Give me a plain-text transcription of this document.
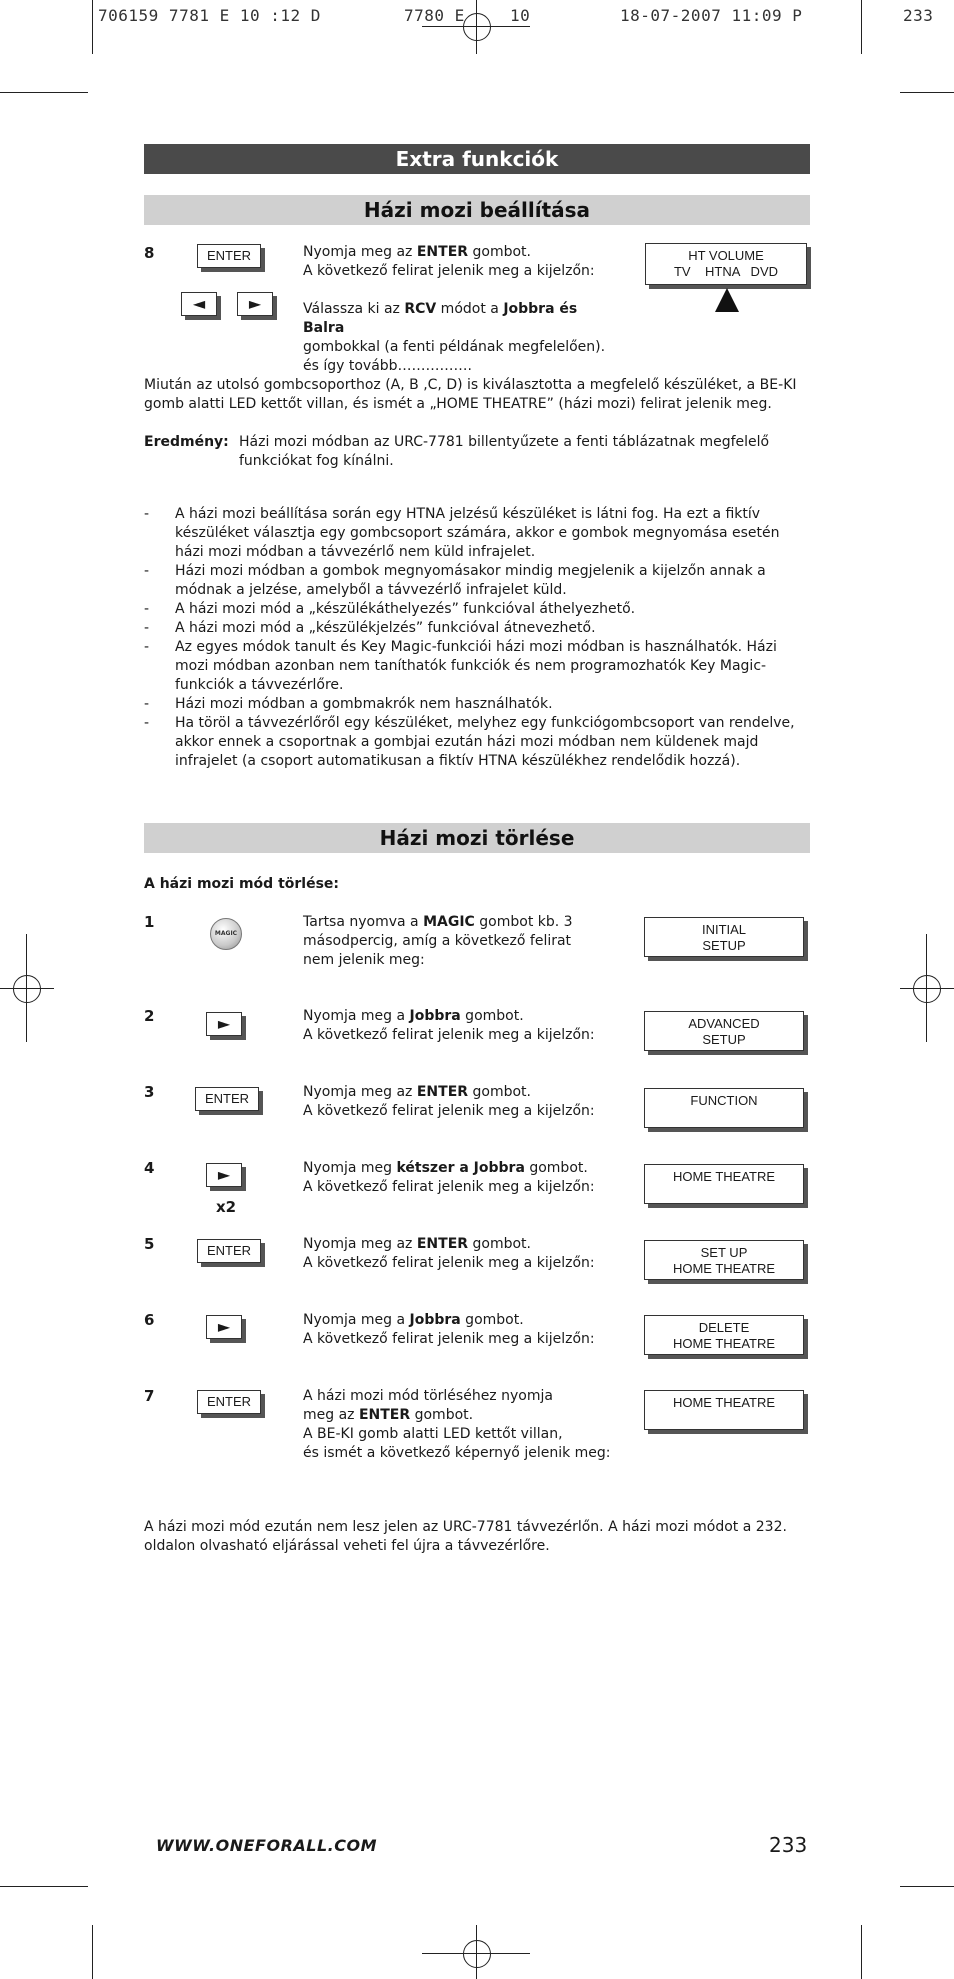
706159 7781 E 10 :12 D	7780 E	10	18-07-2007 11:09 P	233
Extra funkciók
Házi mozi beállítása
8	ENTER
◄	►
Nyomja meg az ENTER gombot.
A következő felirat jelenik meg a kijelzőn:
Válassza ki az RCV módot a Jobbra és Balra
gombokkal (a fenti példának megfelelően).
és így tovább…………….
HT VOLUME
TV    HTNA   DVD
Miután az utolsó gombcsoporthoz (A, B ,C, D) is kiválasztotta a megfelelő készüléket, a BE-KI gomb alatti LED kettőt villan, és ismét a „HOME THEATRE” (házi mozi) felirat jelenik meg.
Eredmény: Házi mozi módban az URC-7781 billentyűzete a fenti táblázatnak megfelelő funkciókat fog kínálni.
- A házi mozi beállítása során egy HTNA jelzésű készüléket is látni fog. Ha ezt a fiktív készüléket választja egy gombcsoport számára, akkor e gombok megnyomása esetén házi mozi módban a távvezérlő nem küld infrajelet.
- Házi mozi módban a gombok megnyomásakor mindig megjelenik a kijelzőn annak a módnak a jelzése, amelyből a távvezérlő infrajelet küld.
- A házi mozi mód a „készülékáthelyezés” funkcióval áthelyezhető.
- A házi mozi mód a „készülékjelzés” funkcióval átnevezhető.
- Az egyes módok tanult és Key Magic-funkciói házi mozi módban is használhatók. Házi mozi módban azonban nem taníthatók funkciók és nem programozhatók Key Magic-funkciók a távvezérlőre.
- Házi mozi módban a gombmakrók nem használhatók.
- Ha töröl a távvezérlőről egy készüléket, melyhez egy funkciógombcsoport van rendelve, akkor ennek a csoportnak a gombjai ezután házi mozi módban nem küldenek majd infrajelet (a csoport automatikusan a fiktív HTNA készülékhez rendelődik hozzá).
Házi mozi törlése
A házi mozi mód törlése:
1
MAGIC
Tartsa nyomva a MAGIC gombot kb. 3
másodpercig, amíg a következő felirat
nem jelenik meg:
INITIAL
SETUP
2	►	Nyomja meg a Jobbra gombot.
A következő felirat jelenik meg a kijelzőn:
ADVANCED
SETUP
3	ENTER	Nyomja meg az ENTER gombot.
A következő felirat jelenik meg a kijelzőn:
FUNCTION
4	►
x2
Nyomja meg kétszer a Jobbra gombot.
A következő felirat jelenik meg a kijelzőn:
HOME THEATRE
5	ENTER	Nyomja meg az ENTER gombot.
A következő felirat jelenik meg a kijelzőn:
SET UP
HOME THEATRE
6	►	Nyomja meg a Jobbra gombot.
A következő felirat jelenik meg a kijelzőn:
DELETE
HOME THEATRE
7	ENTER	A házi mozi mód törléséhez nyomja
meg az ENTER gombot.
A BE-KI gomb alatti LED kettőt villan,
és ismét a következő képernyő jelenik meg:
HOME THEATRE
A házi mozi mód ezután nem lesz jelen az URC-7781 távvezérlőn. A házi mozi módot a 232. oldalon olvasható eljárással veheti fel újra a távvezérlőre.
WWW.ONEFORALL.COM	233
